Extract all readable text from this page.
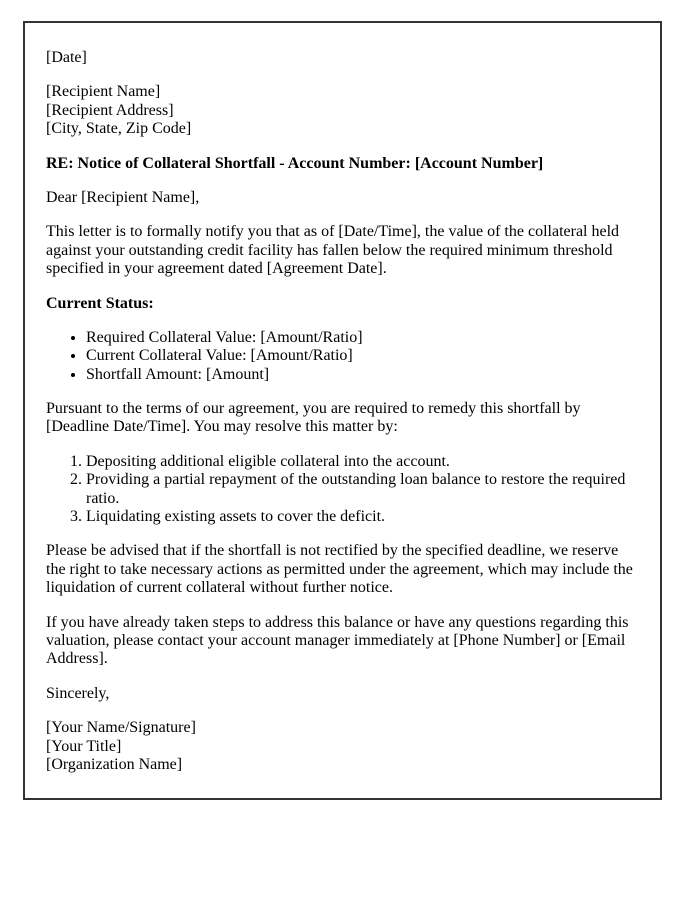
[Date]

[Recipient Name]
[Recipient Address]
[City, State, Zip Code]

RE: Notice of Collateral Shortfall - Account Number: [Account Number]

Dear [Recipient Name],

This letter is to formally notify you that as of [Date/Time], the value of the collateral held against your outstanding credit facility has fallen below the required minimum threshold specified in your agreement dated [Agreement Date].

Current Status:

• Required Collateral Value: [Amount/Ratio]
• Current Collateral Value: [Amount/Ratio]
• Shortfall Amount: [Amount]

Pursuant to the terms of our agreement, you are required to remedy this shortfall by [Deadline Date/Time]. You may resolve this matter by:

1. Depositing additional eligible collateral into the account.
2. Providing a partial repayment of the outstanding loan balance to restore the required ratio.
3. Liquidating existing assets to cover the deficit.

Please be advised that if the shortfall is not rectified by the specified deadline, we reserve the right to take necessary actions as permitted under the agreement, which may include the liquidation of current collateral without further notice.

If you have already taken steps to address this balance or have any questions regarding this valuation, please contact your account manager immediately at [Phone Number] or [Email Address].

Sincerely,

[Your Name/Signature]
[Your Title]
[Organization Name]
